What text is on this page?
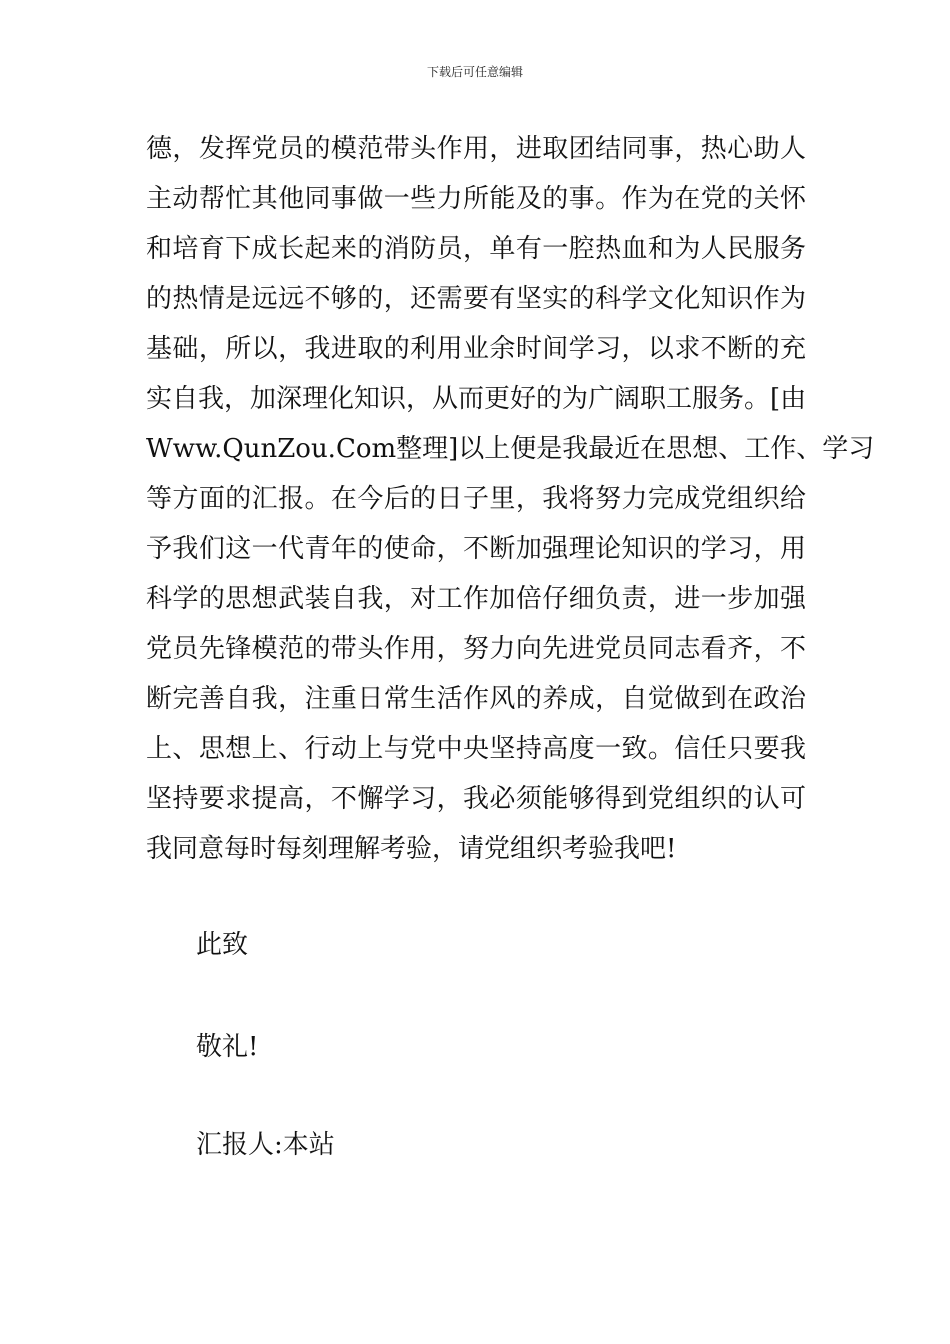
下载后可任意编辑
德，发挥党员的模范带头作用，进取团结同事，热心助人
主动帮忙其他同事做一些力所能及的事。作为在党的关怀
和培育下成长起来的消防员，单有一腔热血和为人民服务
的热情是远远不够的，还需要有坚实的科学文化知识作为
基础，所以，我进取的利用业余时间学习，以求不断的充
实自我，加深理化知识，从而更好的为广阔职工服务。[由
Www.QunZou.Com整理]以上便是我最近在思想、工作、学习
等方面的汇报。在今后的日子里，我将努力完成党组织给
予我们这一代青年的使命，不断加强理论知识的学习，用
科学的思想武装自我，对工作加倍仔细负责，进一步加强
党员先锋模范的带头作用，努力向先进党员同志看齐，不
断完善自我，注重日常生活作风的养成，自觉做到在政治
上、思想上、行动上与党中央坚持高度一致。信任只要我
坚持要求提高，不懈学习，我必须能够得到党组织的认可
我同意每时每刻理解考验，请党组织考验我吧!
此致
敬礼!
汇报人:本站
